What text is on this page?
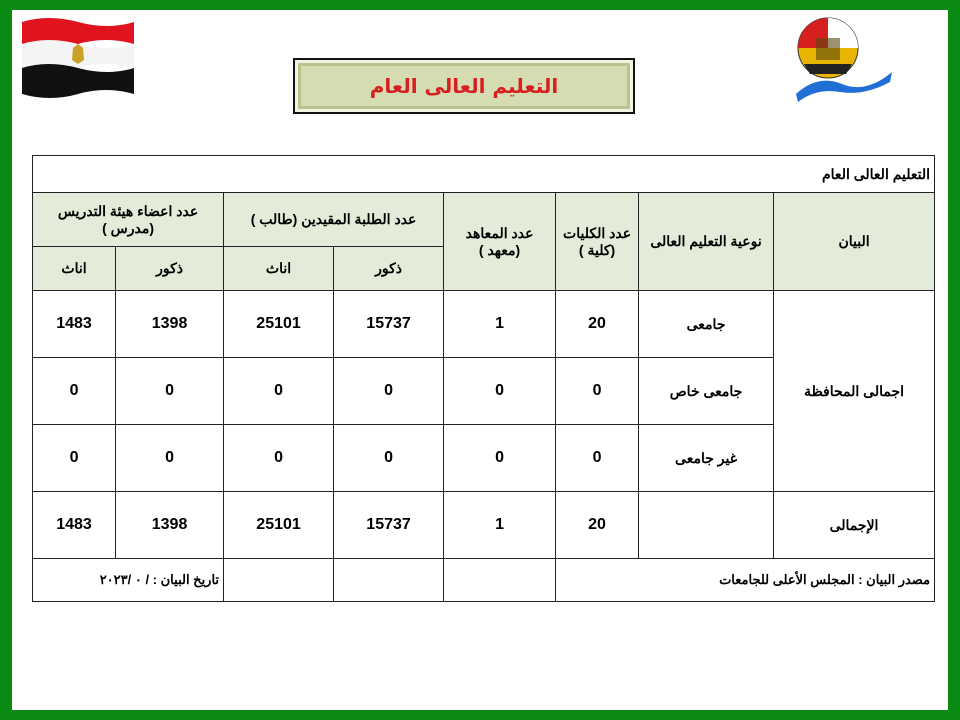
التعليم العالى العام
التعليم العالى العام							
البيان	نوعية التعليم العالى	عدد الكليات (كلية )	عدد المعاهد (معهد )	عدد الطلبة المقيدين (طالب )		عدد اعضاء هيئة التدريس (مدرس )	
				ذكور	اناث	ذكور	اناث
اجمالى المحافظة	جامعى	20	1	15737	25101	1398	1483
	جامعى خاص	0	0	0	0	0	0
	غير جامعى	0	0	0	0	0	0
الإجمالى		20	1	15737	25101	1398	1483
مصدر البيان : المجلس الأعلى للجامعات						تاريخ البيان : / ٠ /٢٠٢٣	
